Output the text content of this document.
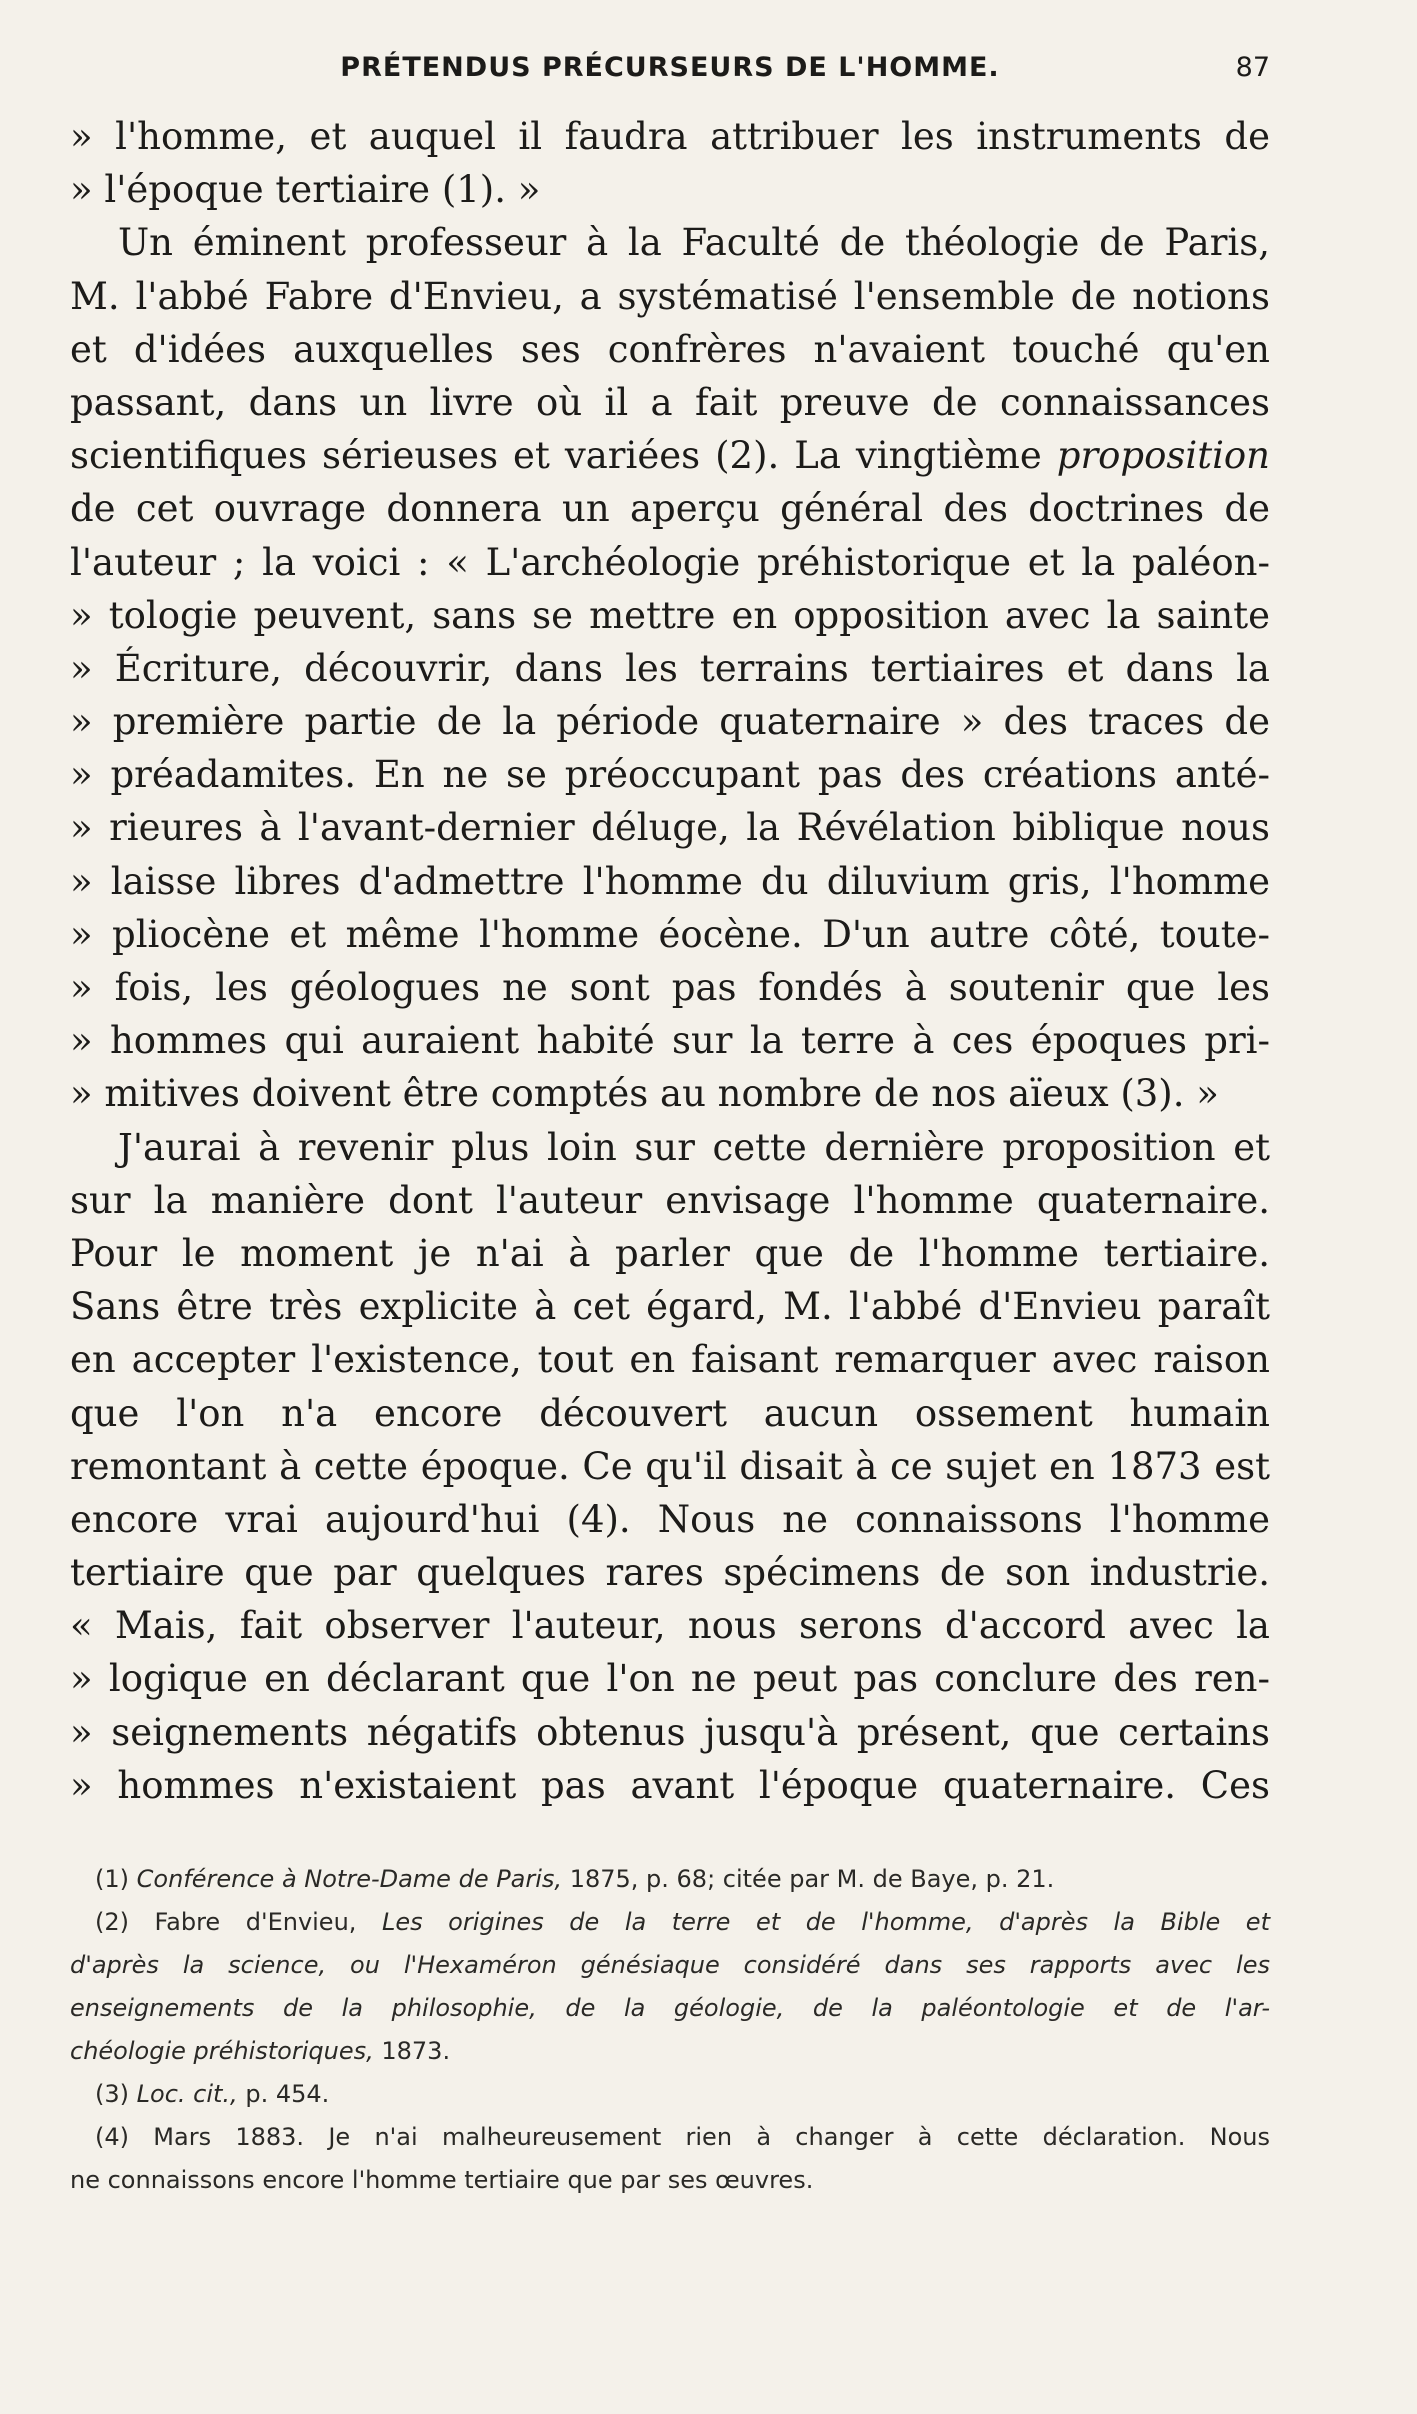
PRÉTENDUS PRÉCURSEURS DE L'HOMME.	87
» l'homme, et auquel il faudra attribuer les instruments de
» l'époque tertiaire (1). »
Un éminent professeur à la Faculté de théologie de Paris,
M. l'abbé Fabre d'Envieu, a systématisé l'ensemble de notions
et d'idées auxquelles ses confrères n'avaient touché qu'en
passant, dans un livre où il a fait preuve de connaissances
scientifiques sérieuses et variées (2). La vingtième proposition
de cet ouvrage donnera un aperçu général des doctrines de
l'auteur ; la voici : « L'archéologie préhistorique et la paléon-
» tologie peuvent, sans se mettre en opposition avec la sainte
» Écriture, découvrir, dans les terrains tertiaires et dans la
» première partie de la période quaternaire » des traces de
» préadamites. En ne se préoccupant pas des créations anté-
» rieures à l'avant-dernier déluge, la Révélation biblique nous
» laisse libres d'admettre l'homme du diluvium gris, l'homme
» pliocène et même l'homme éocène. D'un autre côté, toute-
» fois, les géologues ne sont pas fondés à soutenir que les
» hommes qui auraient habité sur la terre à ces époques pri-
» mitives doivent être comptés au nombre de nos aïeux (3). »
J'aurai à revenir plus loin sur cette dernière proposition et
sur la manière dont l'auteur envisage l'homme quaternaire.
Pour le moment je n'ai à parler que de l'homme tertiaire.
Sans être très explicite à cet égard, M. l'abbé d'Envieu paraît
en accepter l'existence, tout en faisant remarquer avec raison
que l'on n'a encore découvert aucun ossement humain
remontant à cette époque. Ce qu'il disait à ce sujet en 1873 est
encore vrai aujourd'hui (4). Nous ne connaissons l'homme
tertiaire que par quelques rares spécimens de son industrie.
« Mais, fait observer l'auteur, nous serons d'accord avec la
» logique en déclarant que l'on ne peut pas conclure des ren-
» seignements négatifs obtenus jusqu'à présent, que certains
» hommes n'existaient pas avant l'époque quaternaire. Ces
(1) Conférence à Notre-Dame de Paris, 1875, p. 68; citée par M. de Baye, p. 21.
(2) Fabre d'Envieu, Les origines de la terre et de l'homme, d'après la Bible et
d'après la science, ou l'Hexaméron génésiaque considéré dans ses rapports avec les
enseignements de la philosophie, de la géologie, de la paléontologie et de l'ar-
chéologie préhistoriques, 1873.
(3) Loc. cit., p. 454.
(4) Mars 1883. Je n'ai malheureusement rien à changer à cette déclaration. Nous
ne connaissons encore l'homme tertiaire que par ses œuvres.
